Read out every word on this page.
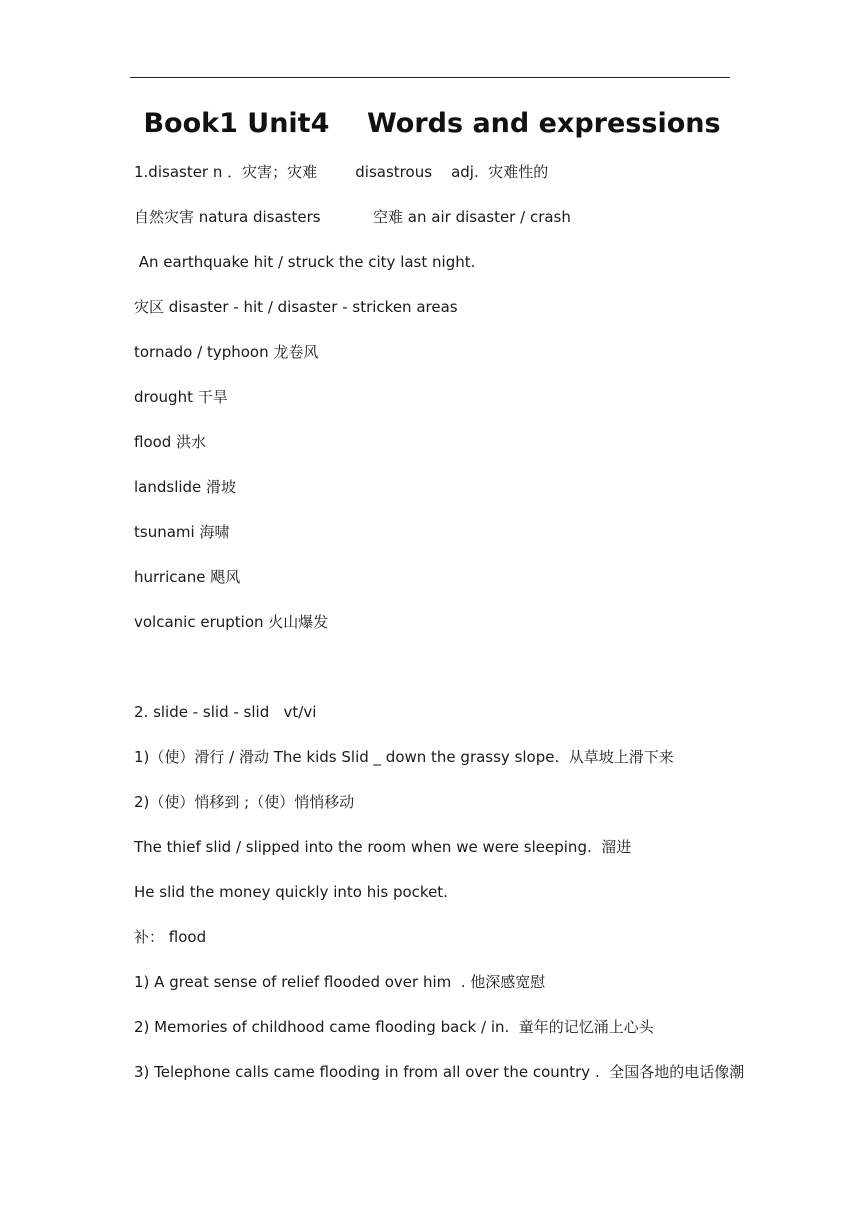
Book1 Unit4    Words and expressions
1.disaster n ．灾害；灾难        disastrous    adj.  灾难性的
自然灾害 natura disasters           空难 an air disaster / crash
An earthquake hit / struck the city last night.
灾区 disaster - hit / disaster - stricken areas
tornado / typhoon 龙卷风
drought 干旱
flood 洪水
landslide 滑坡
tsunami 海啸
hurricane 飓风
volcanic eruption 火山爆发
2. slide - slid - slid   vt/vi
1)（使）滑行 / 滑动 The kids Slid _ down the grassy slope.  从草坡上滑下来
2)（使）悄移到 ;（使）悄悄移动
The thief slid / slipped into the room when we were sleeping.  溜进
He slid the money quickly into his pocket.
补： flood
1) A great sense of relief flooded over him  . 他深感宽慰
2) Memories of childhood came flooding back / in.  童年的记忆涌上心头
3) Telephone calls came flooding in from all over the country .  全国各地的电话像潮
